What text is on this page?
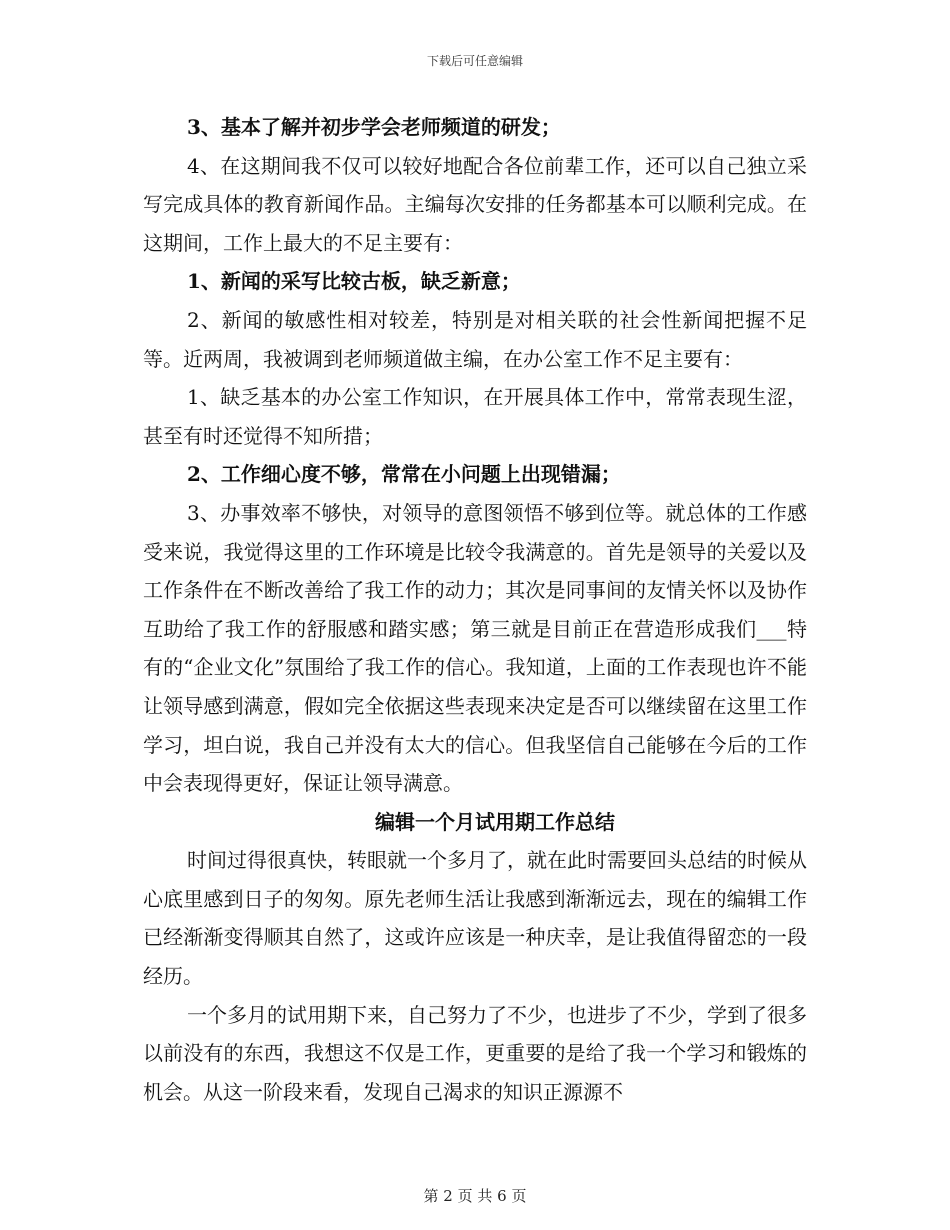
下载后可任意编辑

3、基本了解并初步学会老师频道的研发；

4、在这期间我不仅可以较好地配合各位前辈工作，还可以自己独立采写完成具体的教育新闻作品。主编每次安排的任务都基本可以顺利完成。在这期间，工作上最大的不足主要有：

1、新闻的采写比较古板，缺乏新意；

2、新闻的敏感性相对较差，特别是对相关联的社会性新闻把握不足等。近两周，我被调到老师频道做主编，在办公室工作不足主要有：

1、缺乏基本的办公室工作知识，在开展具体工作中，常常表现生涩，甚至有时还觉得不知所措；

2、工作细心度不够，常常在小问题上出现错漏；

3、办事效率不够快，对领导的意图领悟不够到位等。就总体的工作感受来说，我觉得这里的工作环境是比较令我满意的。首先是领导的关爱以及工作条件在不断改善给了我工作的动力；其次是同事间的友情关怀以及协作互助给了我工作的舒服感和踏实感；第三就是目前正在营造形成我们___特有的“企业文化”氛围给了我工作的信心。我知道，上面的工作表现也许不能让领导感到满意，假如完全依据这些表现来决定是否可以继续留在这里工作学习，坦白说，我自己并没有太大的信心。但我坚信自己能够在今后的工作中会表现得更好，保证让领导满意。

编辑一个月试用期工作总结

时间过得很真快，转眼就一个多月了，就在此时需要回头总结的时候从心底里感到日子的匆匆。原先老师生活让我感到渐渐远去，现在的编辑工作已经渐渐变得顺其自然了，这或许应该是一种庆幸，是让我值得留恋的一段经历。

一个多月的试用期下来，自己努力了不少，也进步了不少，学到了很多以前没有的东西，我想这不仅是工作，更重要的是给了我一个学习和锻炼的机会。从这一阶段来看，发现自己渴求的知识正源源不

第 2 页 共 6 页
